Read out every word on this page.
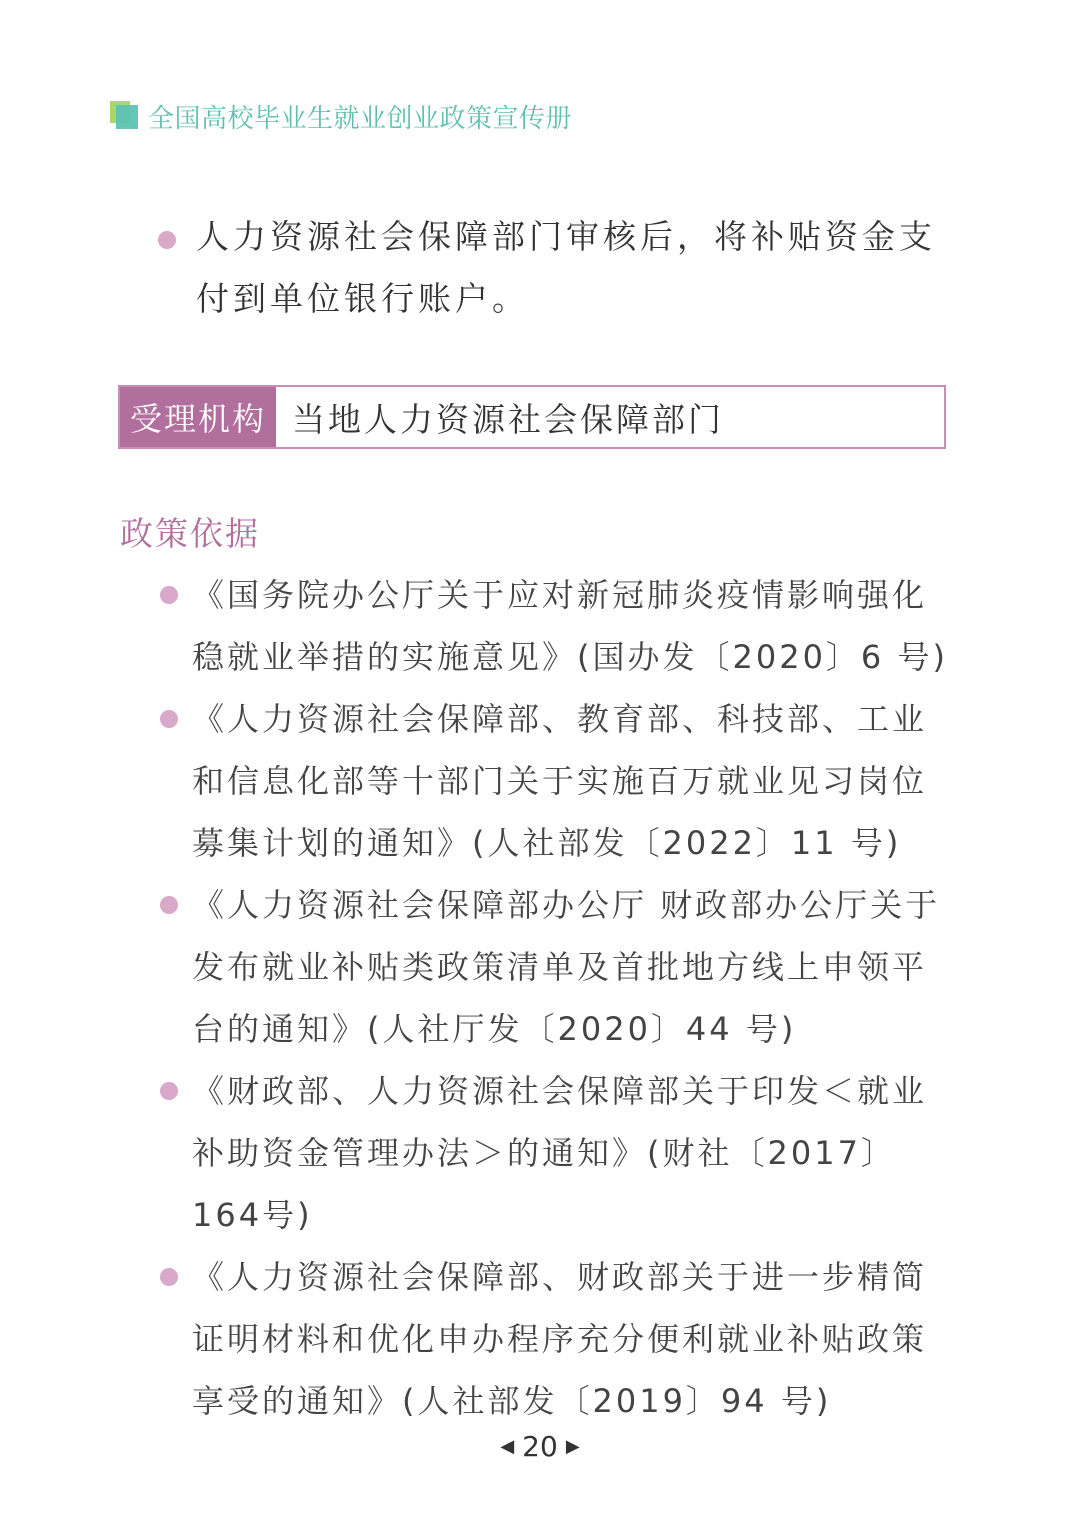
全国高校毕业生就业创业政策宣传册
人力资源社会保障部门审核后，将补贴资金支付到单位银行账户。
受理机构 当地人力资源社会保障部门
政策依据
《国务院办公厅关于应对新冠肺炎疫情影响强化稳就业举措的实施意见》(国办发〔2020〕6 号)
《人力资源社会保障部、教育部、科技部、工业和信息化部等十部门关于实施百万就业见习岗位募集计划的通知》(人社部发〔2022〕11 号)
《人力资源社会保障部办公厅 财政部办公厅关于发布就业补贴类政策清单及首批地方线上申领平台的通知》(人社厅发〔2020〕44 号)
《财政部、人力资源社会保障部关于印发＜就业补助资金管理办法＞的通知》(财社〔2017〕164号)
《人力资源社会保障部、财政部关于进一步精简证明材料和优化申办程序充分便利就业补贴政策享受的通知》(人社部发〔2019〕94 号)
◀ 20 ▶
